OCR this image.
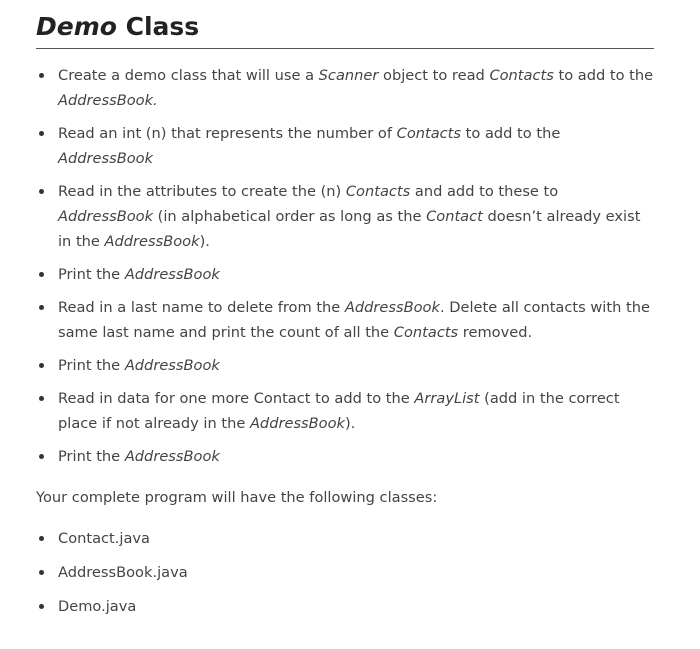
Demo Class
Create a demo class that will use a Scanner object to read Contacts to add to the AddressBook.
Read an int (n) that represents the number of Contacts to add to the AddressBook
Read in the attributes to create the (n) Contacts and add to these to AddressBook (in alphabetical order as long as the Contact doesn’t already exist in the AddressBook).
Print the AddressBook
Read in a last name to delete from the AddressBook. Delete all contacts with the same last name and print the count of all the Contacts removed.
Print the AddressBook
Read in data for one more Contact to add to the ArrayList (add in the correct place if not already in the AddressBook).
Print the AddressBook

Your complete program will have the following classes:

Contact.java
AddressBook.java
Demo.java
